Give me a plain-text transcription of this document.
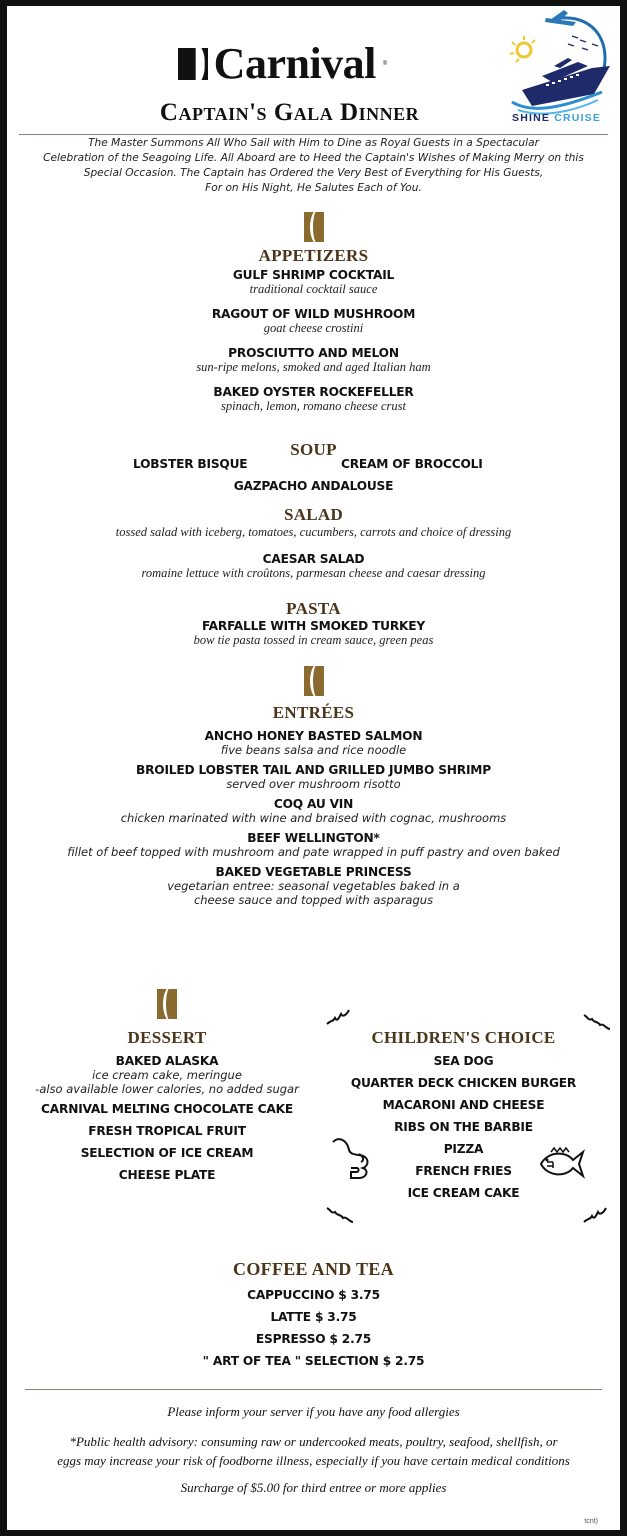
Carnival ®
Captain's Gala Dinner	SHINE CRUISE
The Master Summons All Who Sail with Him to Dine as Royal Guests in a Spectacular
Celebration of the Seagoing Life. All Aboard are to Heed the Captain's Wishes of Making Merry on this
Special Occasion. The Captain has Ordered the Very Best of Everything for His Guests,
For on His Night, He Salutes Each of You.
APPETIZERS
GULF SHRIMP COCKTAIL
traditional cocktail sauce
RAGOUT OF WILD MUSHROOM
goat cheese crostini
PROSCIUTTO AND MELON
sun-ripe melons, smoked and aged Italian ham
BAKED OYSTER ROCKEFELLER
spinach, lemon, romano cheese crust
SOUP
LOBSTER BISQUE	CREAM OF BROCCOLI
GAZPACHO ANDALOUSE
SALAD
tossed salad with iceberg, tomatoes, cucumbers, carrots and choice of dressing
CAESAR SALAD
romaine lettuce with croûtons, parmesan cheese and caesar dressing
PASTA
FARFALLE WITH SMOKED TURKEY
bow tie pasta tossed in cream sauce, green peas
ENTRÉES
ANCHO HONEY BASTED SALMON
five beans salsa and rice noodle
BROILED LOBSTER TAIL AND GRILLED JUMBO SHRIMP
served over mushroom risotto
COQ AU VIN
chicken marinated with wine and braised with cognac, mushrooms
BEEF WELLINGTON*
fillet of beef topped with mushroom and pate wrapped in puff pastry and oven baked
BAKED VEGETABLE PRINCESS
vegetarian entree: seasonal vegetables baked in a
cheese sauce and topped with asparagus
DESSERT
BAKED ALASKA
ice cream cake, meringue
-also available lower calories, no added sugar
CARNIVAL MELTING CHOCOLATE CAKE
FRESH TROPICAL FRUIT
SELECTION OF ICE CREAM
CHEESE PLATE
CHILDREN'S CHOICE
SEA DOG
QUARTER DECK CHICKEN BURGER
MACARONI AND CHEESE
RIBS ON THE BARBIE
PIZZA
FRENCH FRIES
ICE CREAM CAKE
COFFEE AND TEA
CAPPUCCINO $ 3.75
LATTE $ 3.75
ESPRESSO $ 2.75
" ART OF TEA " SELECTION $ 2.75
Please inform your server if you have any food allergies
*Public health advisory: consuming raw or undercooked meats, poultry, seafood, shellfish, or
eggs may increase your risk of foodborne illness, especially if you have certain medical conditions
Surcharge of $5.00 for third entree or more applies
tcnt)
